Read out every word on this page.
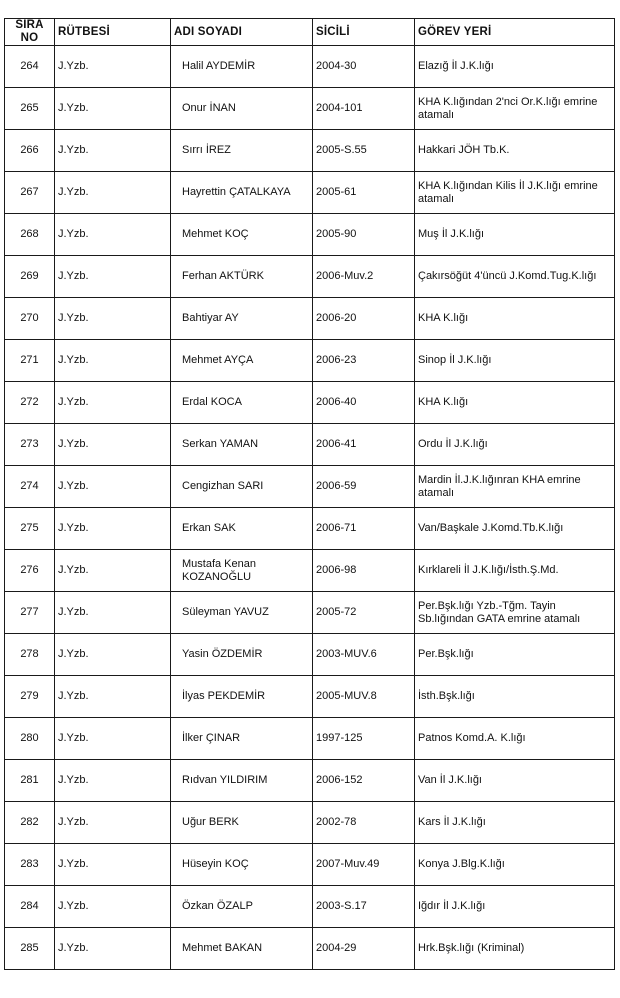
SIRA NO	RÜTBESİ	ADI SOYADI	SİCİLİ	GÖREV YERİ
264	J.Yzb.	Halil AYDEMİR	2004-30	Elazığ İl J.K.lığı
265	J.Yzb.	Onur İNAN	2004-101	KHA K.lığından 2'nci Or.K.lığı emrine atamalı
266	J.Yzb.	Sırrı İREZ	2005-S.55	Hakkari JÖH Tb.K.
267	J.Yzb.	Hayrettin ÇATALKAYA	2005-61	KHA K.lığından Kilis İl J.K.lığı emrine atamalı
268	J.Yzb.	Mehmet KOÇ	2005-90	Muş İl J.K.lığı
269	J.Yzb.	Ferhan AKTÜRK	2006-Muv.2	Çakırsöğüt 4'üncü J.Komd.Tug.K.lığı
270	J.Yzb.	Bahtiyar AY	2006-20	KHA K.lığı
271	J.Yzb.	Mehmet AYÇA	2006-23	Sinop İl J.K.lığı
272	J.Yzb.	Erdal KOCA	2006-40	KHA K.lığı
273	J.Yzb.	Serkan YAMAN	2006-41	Ordu İl J.K.lığı
274	J.Yzb.	Cengizhan SARI	2006-59	Mardin İl.J.K.lığınran KHA emrine atamalı
275	J.Yzb.	Erkan SAK	2006-71	Van/Başkale J.Komd.Tb.K.lığı
276	J.Yzb.	Mustafa Kenan KOZANOĞLU	2006-98	Kırklareli İl J.K.lığı/İsth.Ş.Md.
277	J.Yzb.	Süleyman YAVUZ	2005-72	Per.Bşk.lığı Yzb.-Tğm. Tayin Sb.lığından GATA emrine atamalı
278	J.Yzb.	Yasin ÖZDEMİR	2003-MUV.6	Per.Bşk.lığı
279	J.Yzb.	İlyas PEKDEMİR	2005-MUV.8	İsth.Bşk.lığı
280	J.Yzb.	İlker ÇINAR	1997-125	Patnos Komd.A. K.lığı
281	J.Yzb.	Rıdvan YILDIRIM	2006-152	Van İl J.K.lığı
282	J.Yzb.	Uğur BERK	2002-78	Kars İl J.K.lığı
283	J.Yzb.	Hüseyin KOÇ	2007-Muv.49	Konya J.Blg.K.lığı
284	J.Yzb.	Özkan ÖZALP	2003-S.17	Iğdır İl J.K.lığı
285	J.Yzb.	Mehmet BAKAN	2004-29	Hrk.Bşk.lığı (Kriminal)
